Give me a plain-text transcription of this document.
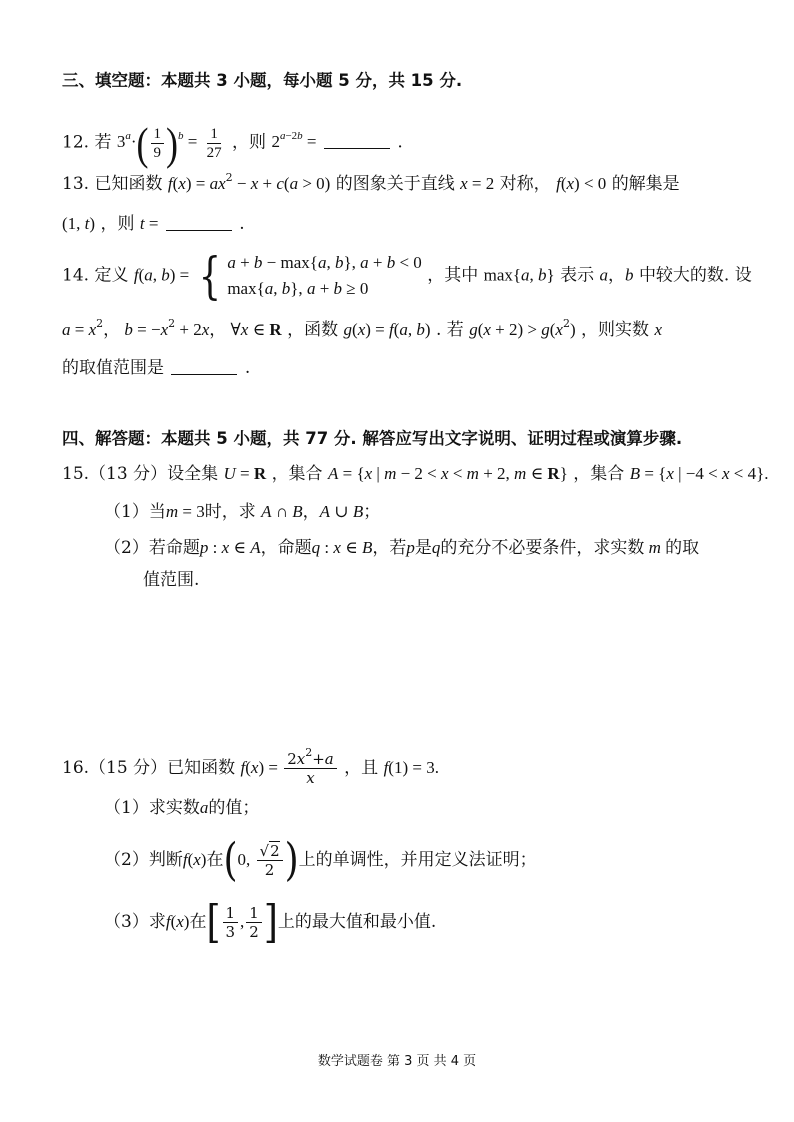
三、填空题：本题共 3 小题，每小题 5 分，共 15 分.
12. 若 $3^a\cdot( \frac{1}{9} )^b = \frac{1}{27}$ ，则 $2^{a-2b}$ =	.
13. 已知函数 $f(x) = ax^2 - x + c(a > 0)$ 的图象关于直线 x = 2 对称， f(x) < 0 的解集是
(1, t) ，则 t =	.
14. 定义 f(a, b) = { a + b − max{a, b}, a + b < 0
max{a, b}, a + b ≥ 0
，其中 max{a, b} 表示 a，b 中较大的数. 设
$a = x^2$， $b = -x^2 + 2x$， ∀x ∈ R ，函数 g(x) = f(a, b) . 若 $g(x + 2) > g(x^2)$ ，则实数 x
的取值范围是	.
四、解答题：本题共 5 小题，共 77 分. 解答应写出文字说明、证明过程或演算步骤.
15.（13 分）设全集 U = R ，集合 A = {x | m − 2 < x < m + 2, m ∈ R} ，集合 B = {x | −4 < x < 4}.
（1）当m = 3时，求 A ∩ B，A ∪ B；
（2）若命题p : x ∈ A，命题q : x ∈ B，若p是q的充分不必要条件，求实数 m 的取
值范围.
16.（15 分）已知函数 $f(x) = \frac{2x^2+a}{x}$ ，且 f(1) = 3.
（1）求实数a的值；
（2）判断f(x)在(0, $\frac{√2}{2}$ )上的单调性，并用定义法证明；
（3）求f(x)在[ $\frac{1}{3}$ , $\frac{1}{2}$ ]上的最大值和最小值.
数学试题卷 第 3 页 共 4 页
